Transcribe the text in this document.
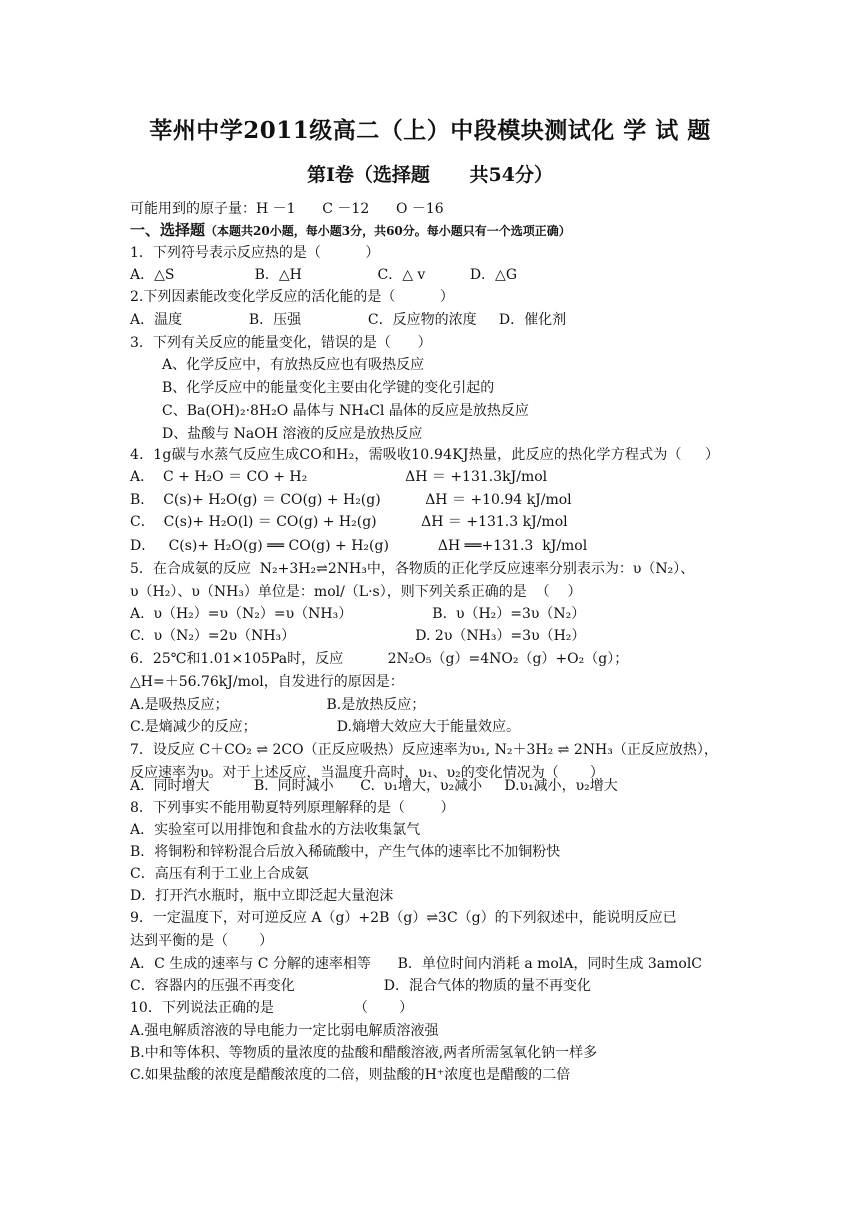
莘州中学2011级高二（上）中段模块测试化 学 试 题
第Ⅰ卷（选择题      共54分）
可能用到的原子量：H －1      C －12      O －16
一、选择题（本题共20小题，每小题3分，共60分。每小题只有一个选项正确）
1．下列符号表示反应热的是（          ）
A．△S                  B．△H                 C．△ v          D．△G
2.下列因素能改变化学反应的活化能的是（          ）
A．温度               B．压强               C．反应物的浓度     D．催化剂
3．下列有关反应的能量变化，错误的是（      ）
A、化学反应中，有放热反应也有吸热反应
B、化学反应中的能量变化主要由化学键的变化引起的
C、Ba(OH)₂·8H₂O 晶体与 NH₄Cl 晶体的反应是放热反应
D、盐酸与 NaOH 溶液的反应是放热反应
4．1g碳与水蒸气反应生成CO和H₂，需吸收10.94KJ热量，此反应的热化学方程式为（     ）
A．  C + H₂O ＝ CO + H₂                      ΔH ＝ +131.3kJ/mol
B．  C(s)+ H₂O(g) ＝ CO(g) + H₂(g)          ΔH ＝ +10.94 kJ/mol
C．  C(s)+ H₂O(l) ＝ CO(g) + H₂(g)          ΔH ＝ +131.3 kJ/mol
D．   C(s)+ H₂O(g) ══ CO(g) + H₂(g)           ΔH ══+131.3  kJ/mol
5．在合成氨的反应  N₂+3H₂⇌2NH₃中，各物质的正化学反应速率分别表示为：υ（N₂）、
υ（H₂）、υ（NH₃）单位是：mol/（L·s），则下列关系正确的是  （    ）
A.  υ（H₂）=υ（N₂）=υ（NH₃）                  B.  υ（H₂）=3υ（N₂）
C.  υ（N₂）=2υ（NH₃）                           D. 2υ（NH₃）=3υ（H₂）
6．25℃和1.01×105Pa时，反应          2N₂O₅（g）=4NO₂（g）+O₂（g）；
△H=＋56.76kJ/mol，自发进行的原因是：
A.是吸热反应；                      B.是放热反应；
C.是熵减少的反应；                  D.熵增大效应大于能量效应。
7．设反应 C＋CO₂ ⇌ 2CO（正反应吸热）反应速率为υ₁, N₂＋3H₂ ⇌ 2NH₃（正反应放热），
反应速率为υ。对于上述反应，当温度升高时，υ₁、υ₂的变化情况为（       ）
A.  同时增大          B.  同时减小      C.  υ₁增大，υ₂减小     D.υ₁减小，υ₂增大
8．下列事实不能用勒夏特列原理解释的是（        ）
A．实验室可以用排饱和食盐水的方法收集氯气
B．将铜粉和锌粉混合后放入稀硫酸中，产生气体的速率比不加铜粉快
C．高压有利于工业上合成氨
D．打开汽水瓶时，瓶中立即泛起大量泡沫
9．一定温度下，对可逆反应 A（g）+2B（g）⇌3C（g）的下列叙述中，能说明反应已
达到平衡的是（       ）
A．C 生成的速率与 C 分解的速率相等      B．单位时间内消耗 a molA，同时生成 3amolC
C．容器内的压强不再变化                    D．混合气体的物质的量不再变化
10．下列说法正确的是                  （       ）
A.强电解质溶液的导电能力一定比弱电解质溶液强
B.中和等体积、等物质的量浓度的盐酸和醋酸溶液,两者所需氢氧化钠一样多
C.如果盐酸的浓度是醋酸浓度的二倍，则盐酸的H⁺浓度也是醋酸的二倍
